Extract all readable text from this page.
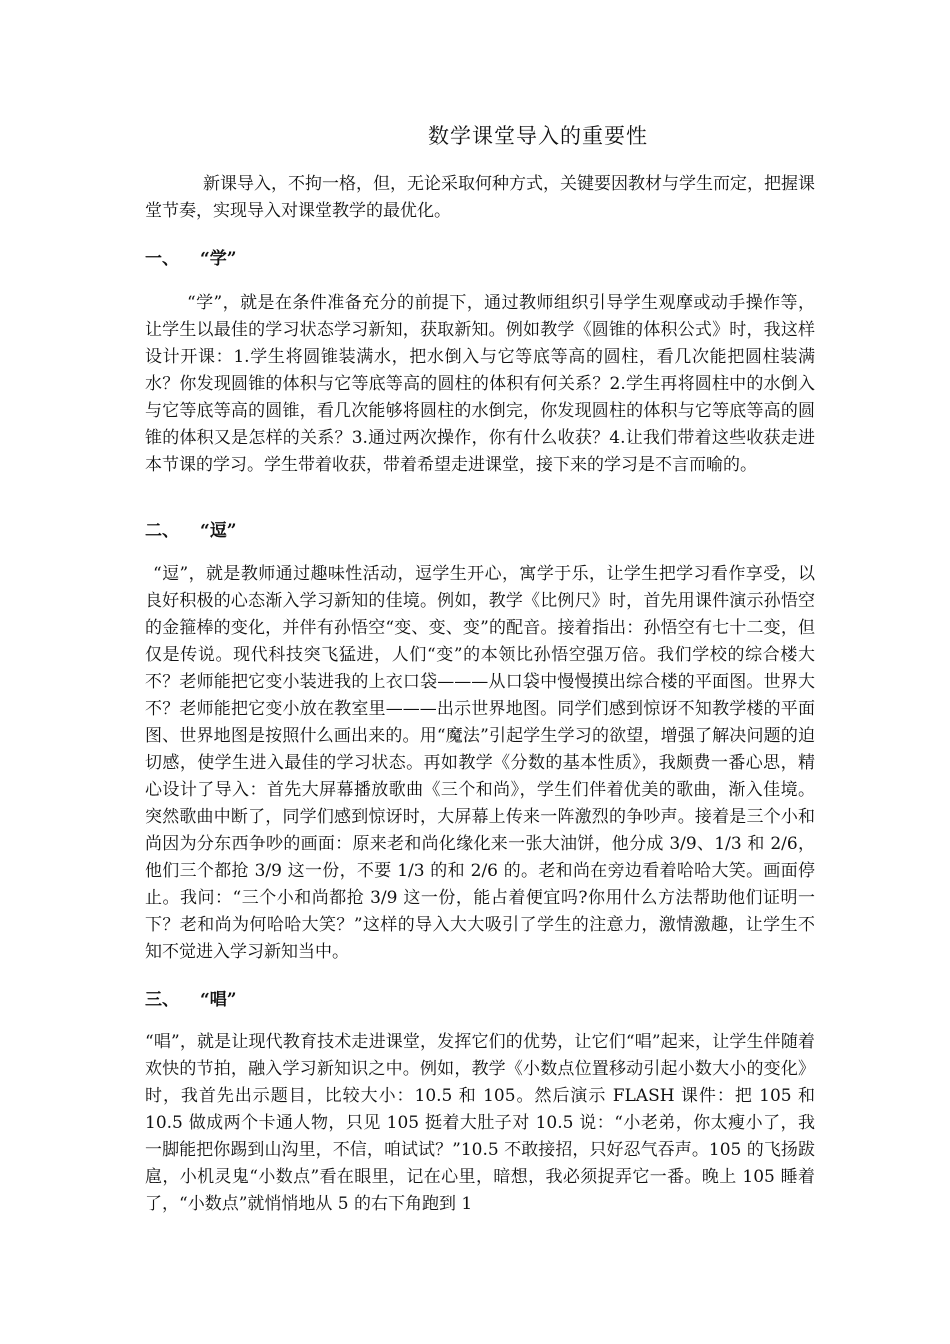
数学课堂导入的重要性

新课导入，不拘一格，但，无论采取何种方式，关键要因教材与学生而定，把握课堂节奏，实现导入对课堂教学的最优化。

一、 “学”

“学”，就是在条件准备充分的前提下，通过教师组织引导学生观摩或动手操作等，让学生以最佳的学习状态学习新知，获取新知。例如教学《圆锥的体积公式》时，我这样设计开课：1.学生将圆锥装满水，把水倒入与它等底等高的圆柱，看几次能把圆柱装满水？你发现圆锥的体积与它等底等高的圆柱的体积有何关系？2.学生再将圆柱中的水倒入与它等底等高的圆锥，看几次能够将圆柱的水倒完，你发现圆柱的体积与它等底等高的圆锥的体积又是怎样的关系？3.通过两次操作，你有什么收获？4.让我们带着这些收获走进本节课的学习。学生带着收获，带着希望走进课堂，接下来的学习是不言而喻的。

二、 “逗”

“逗”，就是教师通过趣味性活动，逗学生开心，寓学于乐，让学生把学习看作享受，以良好积极的心态渐入学习新知的佳境。例如，教学《比例尺》时，首先用课件演示孙悟空的金箍棒的变化，并伴有孙悟空“变、变、变”的配音。接着指出：孙悟空有七十二变，但仅是传说。现代科技突飞猛进，人们“变”的本领比孙悟空强万倍。我们学校的综合楼大不？老师能把它变小装进我的上衣口袋———从口袋中慢慢摸出综合楼的平面图。世界大不？老师能把它变小放在教室里———出示世界地图。同学们感到惊讶不知教学楼的平面图、世界地图是按照什么画出来的。用“魔法”引起学生学习的欲望，增强了解决问题的迫切感，使学生进入最佳的学习状态。再如教学《分数的基本性质》，我颇费一番心思，精心设计了导入：首先大屏幕播放歌曲《三个和尚》，学生们伴着优美的歌曲，渐入佳境。突然歌曲中断了，同学们感到惊讶时，大屏幕上传来一阵激烈的争吵声。接着是三个小和尚因为分东西争吵的画面：原来老和尚化缘化来一张大油饼，他分成 3/9、1/3 和 2/6，他们三个都抢 3/9 这一份，不要 1/3 的和 2/6 的。老和尚在旁边看着哈哈大笑。画面停止。我问：“三个小和尚都抢 3/9 这一份，能占着便宜吗?你用什么方法帮助他们证明一下？老和尚为何哈哈大笑？”这样的导入大大吸引了学生的注意力，激情激趣，让学生不知不觉进入学习新知当中。

三、 “唱”

“唱”，就是让现代教育技术走进课堂，发挥它们的优势，让它们“唱”起来，让学生伴随着欢快的节拍，融入学习新知识之中。例如，教学《小数点位置移动引起小数大小的变化》时，我首先出示题目，比较大小：10.5 和 105。然后演示 FLASH 课件：把 105 和 10.5 做成两个卡通人物，只见 105 挺着大肚子对 10.5 说：“小老弟，你太瘦小了，我一脚能把你踢到山沟里，不信，咱试试？”10.5 不敢接招，只好忍气吞声。105 的飞扬跋扈，小机灵鬼“小数点”看在眼里，记在心里，暗想，我必须捉弄它一番。晚上 105 睡着了，“小数点”就悄悄地从 5 的右下角跑到 1
